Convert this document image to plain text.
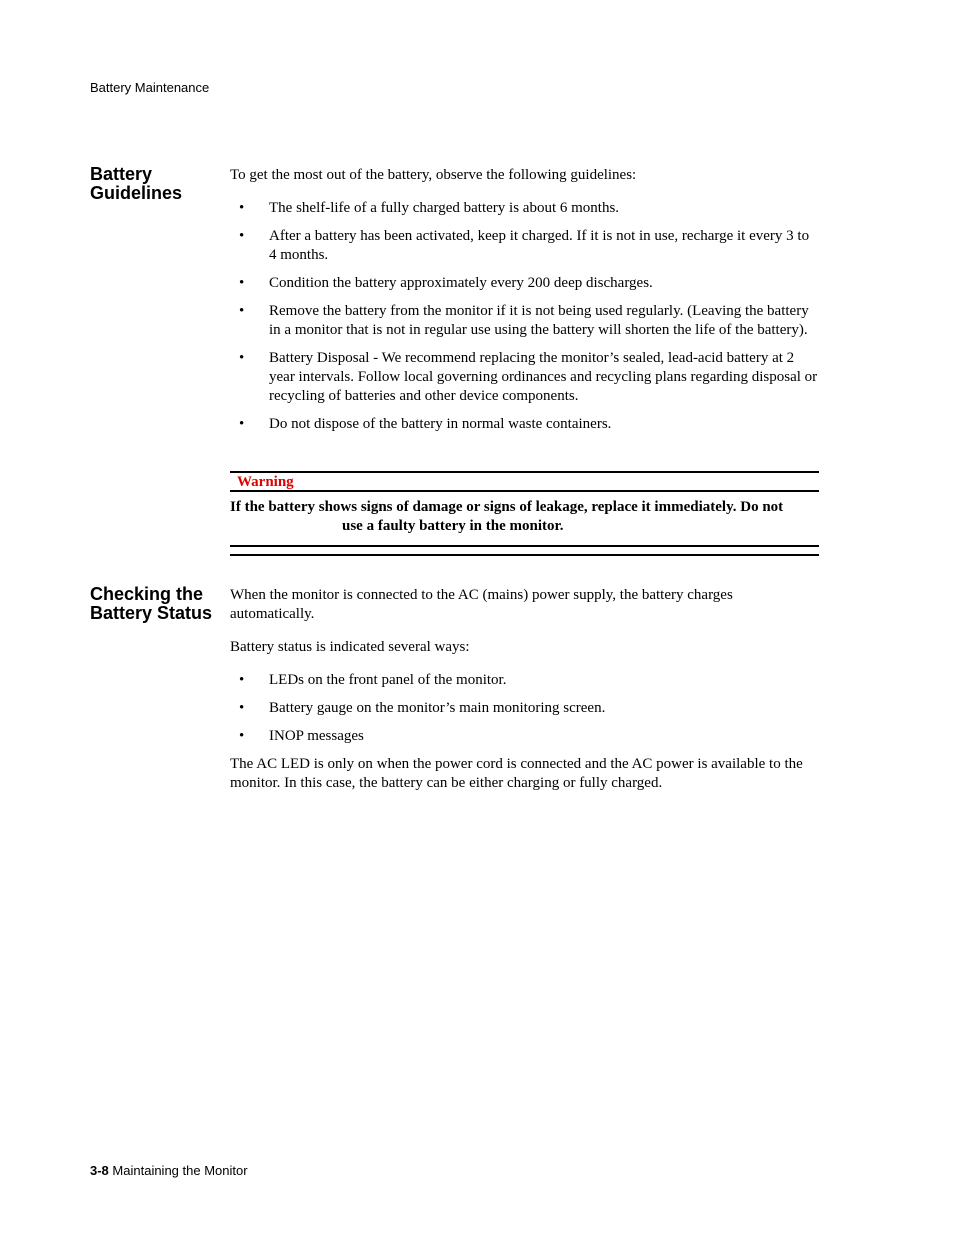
Battery Maintenance
Battery Guidelines

To get the most out of the battery, observe the following guidelines:

• The shelf-life of a fully charged battery is about 6 months.
• After a battery has been activated, keep it charged. If it is not in use, recharge it every 3 to 4 months.
• Condition the battery approximately every 200 deep discharges.
• Remove the battery from the monitor if it is not being used regularly. (Leaving the battery in a monitor that is not in regular use using the battery will shorten the life of the battery).
• Battery Disposal - We recommend replacing the monitor’s sealed, lead-acid battery at 2 year intervals. Follow local governing ordinances and recycling plans regarding disposal or recycling of batteries and other device components.
• Do not dispose of the battery in normal waste containers.
Warning
If the battery shows signs of damage or signs of leakage, replace it immediately. Do not
use a faulty battery in the monitor.
Checking the Battery Status

When the monitor is connected to the AC (mains) power supply, the battery charges automatically.

Battery status is indicated several ways:

• LEDs on the front panel of the monitor.
• Battery gauge on the monitor’s main monitoring screen.
• INOP messages

The AC LED is only on when the power cord is connected and the AC power is available to the monitor. In this case, the battery can be either charging or fully charged.

3-8 Maintaining the Monitor
